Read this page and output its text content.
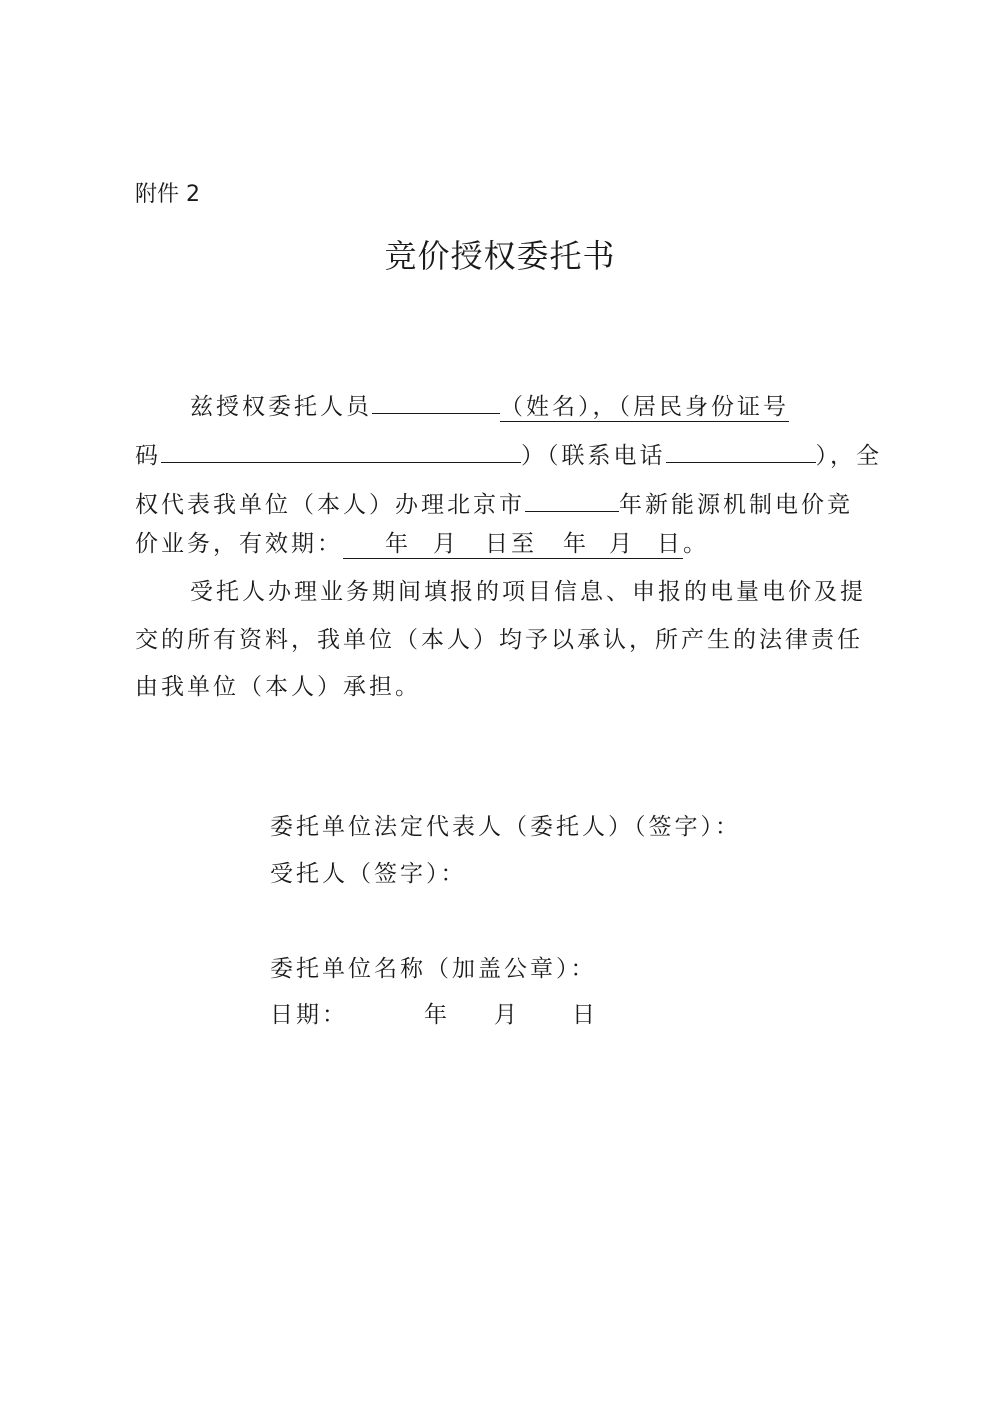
附件 2
竞价授权委托书
兹授权委托人员	（姓名），（居民身份证号
码	）（联系电话	），全
权代表我单位（本人）办理北京市	年新能源机制电价竞
价业务，有效期： 年 月 日至 年 月 日。
受托人办理业务期间填报的项目信息、申报的电量电价及提
交的所有资料，我单位（本人）均予以承认，所产生的法律责任
由我单位（本人）承担。
委托单位法定代表人（委托人）（签字）：
受托人（签字）：
委托单位名称（加盖公章）：
日期：	年 月 日
